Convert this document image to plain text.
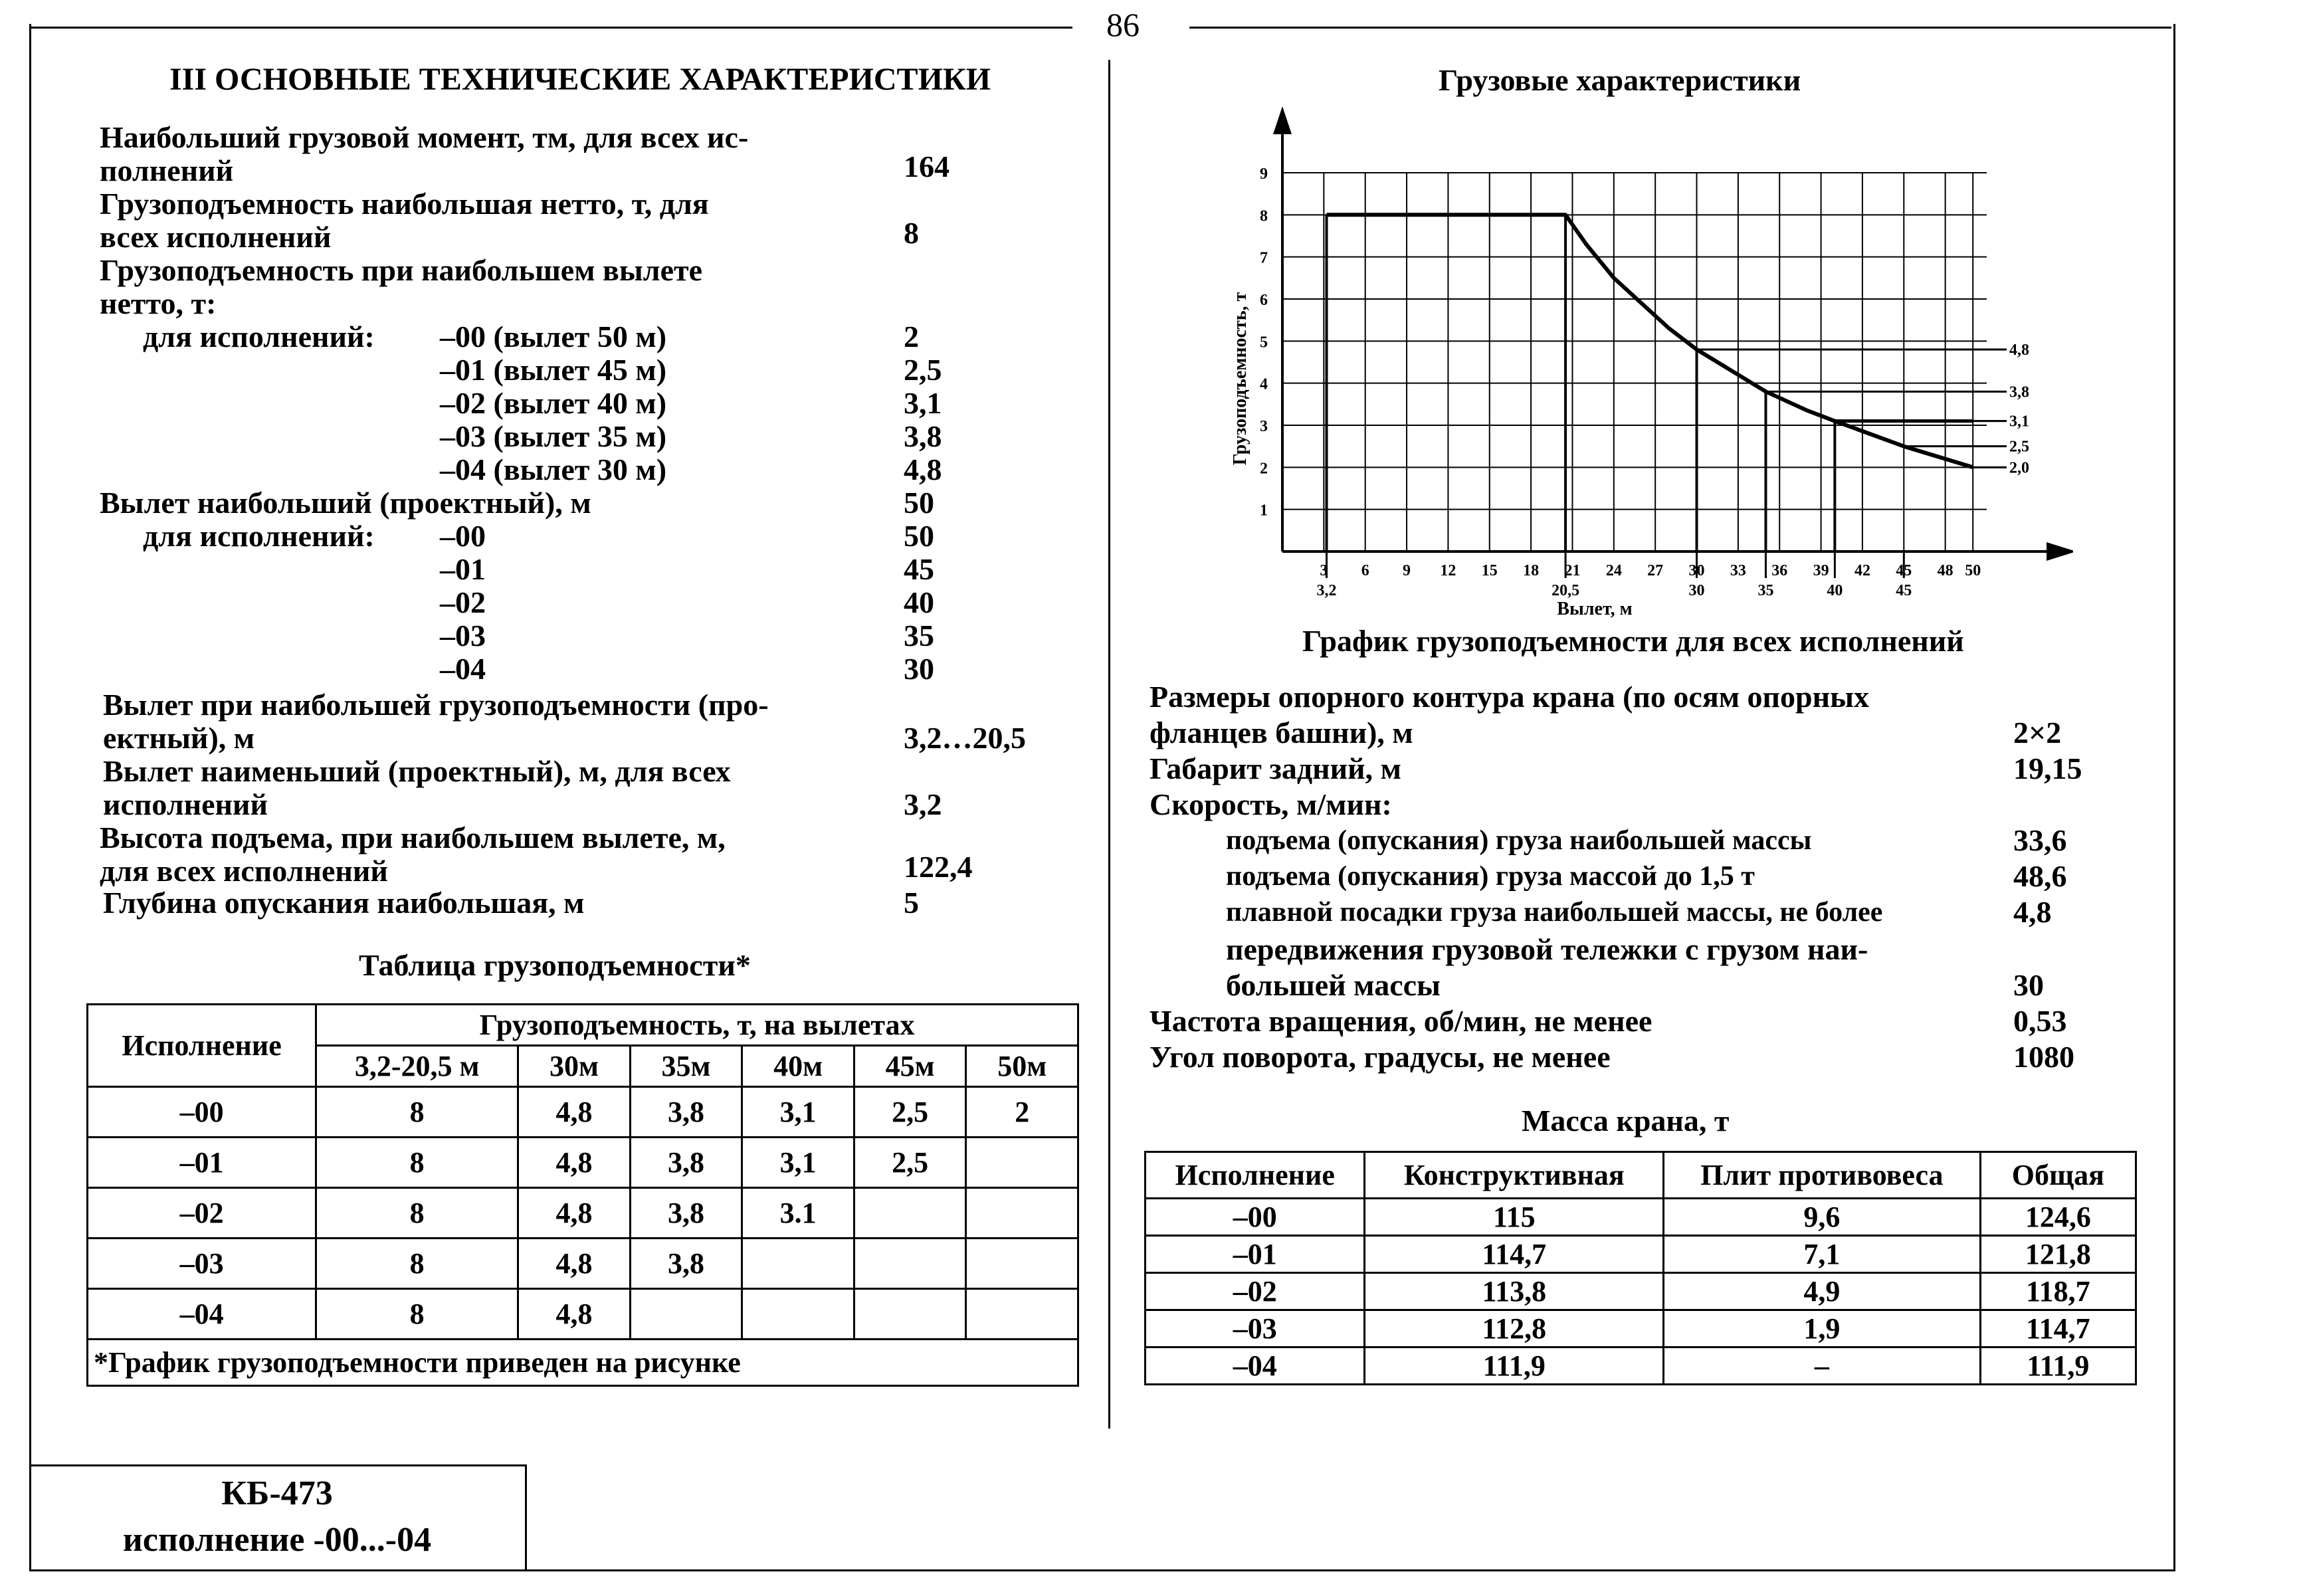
86
III ОСНОВНЫЕ ТЕХНИЧЕСКИЕ ХАРАКТЕРИСТИКИ
Наибольший грузовой момент, тм, для всех ис-
полнений	164
Грузоподъемность наибольшая нетто, т, для
всех исполнений	8
Грузоподъемность при наибольшем вылете
нетто, т:
для исполнений: –00 (вылет 50 м)	2
–01 (вылет 45 м)	2,5
–02 (вылет 40 м)	3,1
–03 (вылет 35 м)	3,8
–04 (вылет 30 м)	4,8
Вылет наибольший (проектный), м	50
для исполнений: –00	50
–01	45
–02	40
–03	35
–04	30
Вылет при наибольшей грузоподъемности (про-
ектный), м	3,2…20,5
Вылет наименьший (проектный), м, для всех
исполнений	3,2
Высота подъема, при наибольшем вылете, м,
для всех исполнений	122,4
Глубина опускания наибольшая, м	5
Таблица грузоподъемности*
Исполнение	Грузоподъемность, т, на вылетах					
	3,2-20,5 м	30м	35м	40м	45м	50м
–00	8	4,8	3,8	3,1	2,5	2
–01	8	4,8	3,8	3,1	2,5	
–02	8	4,8	3,8	3.1		
–03	8	4,8	3,8			
–04	8	4,8				
*График грузоподъемности приведен на рисунке						
КБ-473
исполнение -00...-04
Грузовые характеристики
1
2
3
4
5
6
7
8
9
3 6 9 12 15 18 21 24 27 30 33 36 39 42 45 48 50
3,2	20,5	30	35	40	45
4,8
3,8
3,1
2,5
2,0
Грузоподъемность, т
Вылет, м
График грузоподъемности для всех исполнений
Размеры опорного контура крана (по осям опорных
фланцев башни), м	2×2
Габарит задний, м	19,15
Скорость, м/мин:
подъема (опускания) груза наибольшей массы	33,6
подъема (опускания) груза массой до 1,5 т	48,6
плавной посадки груза наибольшей массы, не более	4,8
передвижения грузовой тележки с грузом наи-
большей массы	30
Частота вращения, об/мин, не менее	0,53
Угол поворота, градусы, не менее	1080
Масса крана, т
Исполнение	Конструктивная	Плит противовеса	Общая
–00	115	9,6	124,6
–01	114,7	7,1	121,8
–02	113,8	4,9	118,7
–03	112,8	1,9	114,7
–04	111,9	–	111,9
